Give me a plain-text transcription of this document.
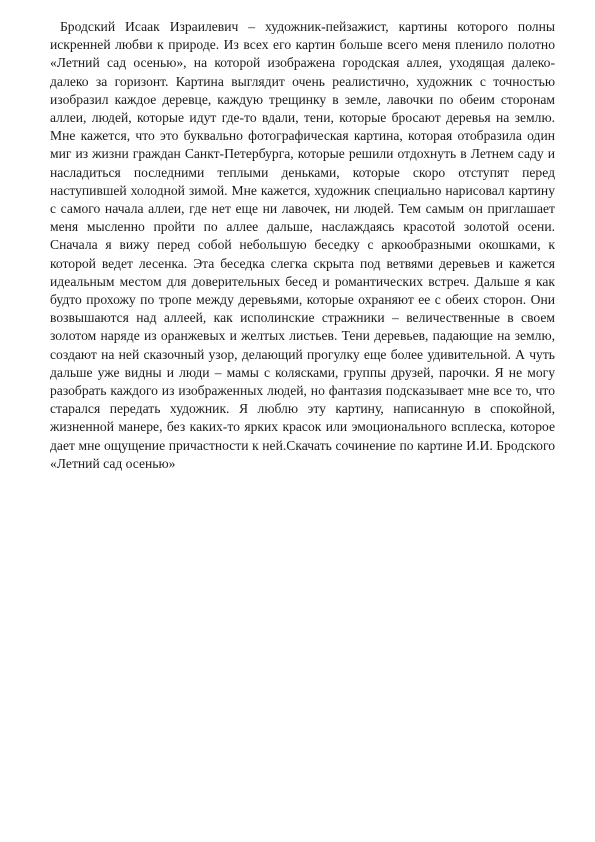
Бродский Исаак Израилевич – художник-пейзажист, картины которого полны искренней любви к природе. Из всех его картин больше всего меня пленило полотно «Летний сад осенью», на которой изображена городская аллея, уходящая далеко-далеко за горизонт. Картина выглядит очень реалистично, художник с точностью изобразил каждое деревце, каждую трещинку в земле, лавочки по обеим сторонам аллеи, людей, которые идут где-то вдали, тени, которые бросают деревья на землю. Мне кажется, что это буквально фотографическая картина, которая отобразила один миг из жизни граждан Санкт-Петербурга, которые решили отдохнуть в Летнем саду и насладиться последними теплыми деньками, которые скоро отступят перед наступившей холодной зимой. Мне кажется, художник специально нарисовал картину с самого начала аллеи, где нет еще ни лавочек, ни людей. Тем самым он приглашает меня мысленно пройти по аллее дальше, наслаждаясь красотой золотой осени. Сначала я вижу перед собой небольшую беседку с аркообразными окошками, к которой ведет лесенка. Эта беседка слегка скрыта под ветвями деревьев и кажется идеальным местом для доверительных бесед и романтических встреч. Дальше я как будто прохожу по тропе между деревьями, которые охраняют ее с обеих сторон. Они возвышаются над аллеей, как исполинские стражники – величественные в своем золотом наряде из оранжевых и желтых листьев. Тени деревьев, падающие на землю, создают на ней сказочный узор, делающий прогулку еще более удивительной. А чуть дальше уже видны и люди – мамы с колясками, группы друзей, парочки. Я не могу разобрать каждого из изображенных людей, но фантазия подсказывает мне все то, что старался передать художник. Я люблю эту картину, написанную в спокойной, жизненной манере, без каких-то ярких красок или эмоционального всплеска, которое дает мне ощущение причастности к ней.Скачать сочинение по картине И.И. Бродского «Летний сад осенью»
